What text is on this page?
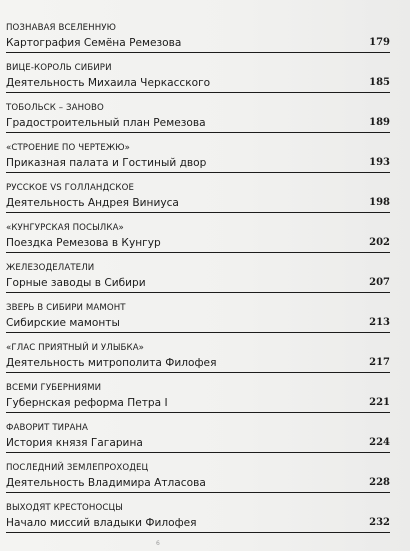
ПОЗНАВАЯ ВСЕЛЕННУЮ
Картография Семёна Ремезова	179
ВИЦЕ-КОРОЛЬ СИБИРИ
Деятельность Михаила Черкасского	185
ТОБОЛЬСК – ЗАНОВО
Градостроительный план Ремезова	189
«СТРОЕНИЕ ПО ЧЕРТЕЖЮ»
Приказная палата и Гостиный двор	193
РУССКОЕ VS ГОЛЛАНДСКОЕ
Деятельность Андрея Виниуса	198
«КУНГУРСКАЯ ПОСЫЛКА»
Поездка Ремезова в Кунгур	202
ЖЕЛЕЗОДЕЛАТЕЛИ
Горные заводы в Сибири	207
ЗВЕРЬ В СИБИРИ МАМОНТ
Сибирские мамонты	213
«ГЛАС ПРИЯТНЫЙ И УЛЫБКА»
Деятельность митрополита Филофея	217
ВСЕМИ ГУБЕРНИЯМИ
Губернская реформа Петра I	221
ФАВОРИТ ТИРАНА
История князя Гагарина	224
ПОСЛЕДНИЙ ЗЕМЛЕПРОХОДЕЦ
Деятельность Владимира Атласова	228
ВЫХОДЯТ КРЕСТОНОСЦЫ
Начало миссий владыки Филофея	232
6
